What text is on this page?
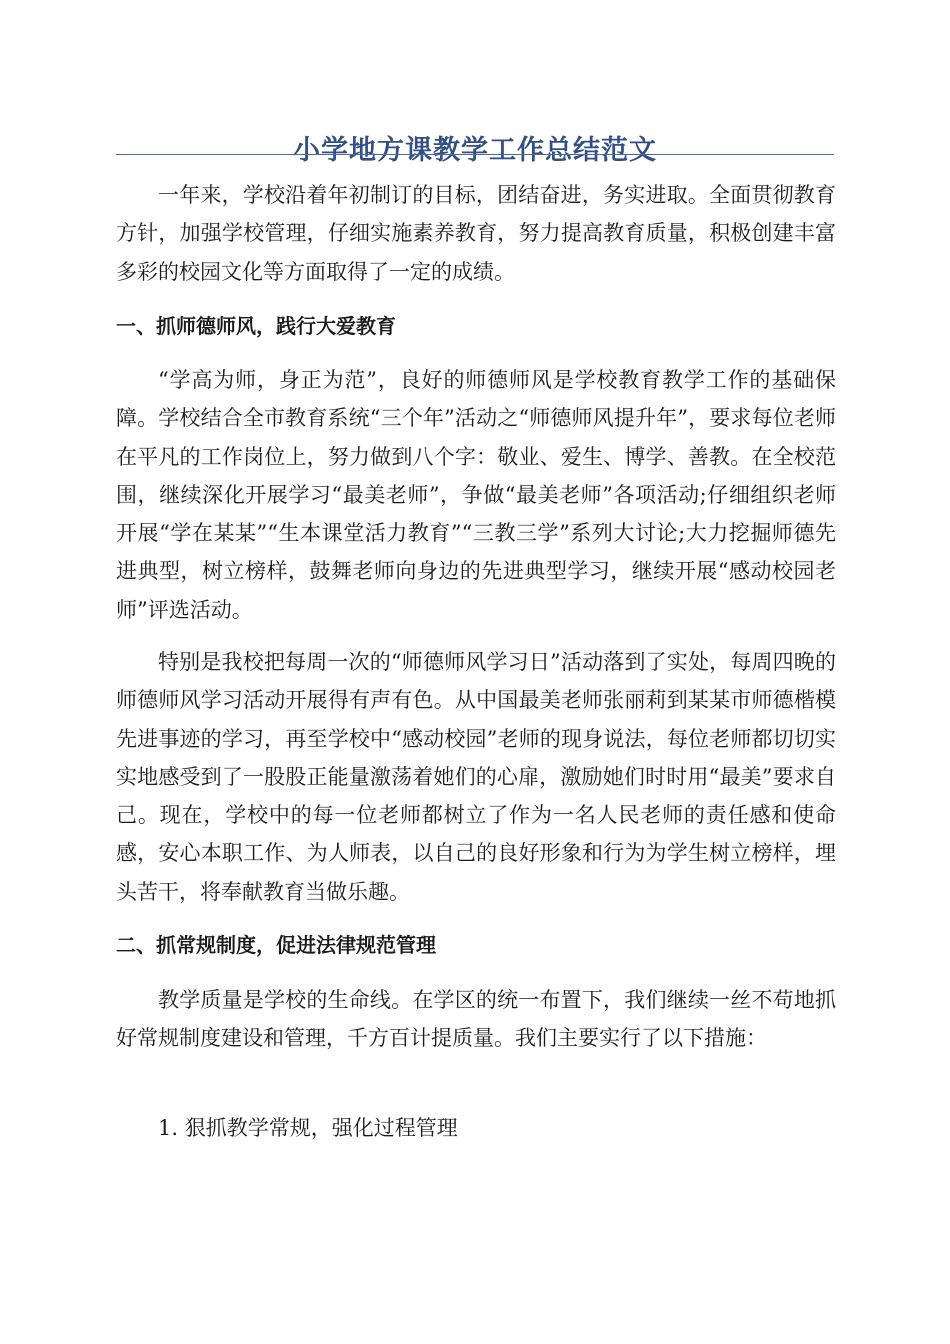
小学地方课教学工作总结范文

一年来，学校沿着年初制订的目标，团结奋进，务实进取。全面贯彻教育方针，加强学校管理，仔细实施素养教育，努力提高教育质量，积极创建丰富多彩的校园文化等方面取得了一定的成绩。

一、抓师德师风，践行大爱教育

“学高为师，身正为范”，良好的师德师风是学校教育教学工作的基础保障。学校结合全市教育系统“三个年”活动之“师德师风提升年”，要求每位老师在平凡的工作岗位上，努力做到八个字：敬业、爱生、博学、善教。在全校范围，继续深化开展学习“最美老师”，争做“最美老师”各项活动;仔细组织老师开展“学在某某”“生本课堂活力教育”“三教三学”系列大讨论;大力挖掘师德先进典型，树立榜样，鼓舞老师向身边的先进典型学习，继续开展“感动校园老师”评选活动。

特别是我校把每周一次的“师德师风学习日”活动落到了实处，每周四晚的师德师风学习活动开展得有声有色。从中国最美老师张丽莉到某某市师德楷模先进事迹的学习，再至学校中“感动校园”老师的现身说法，每位老师都切切实实地感受到了一股股正能量激荡着她们的心扉，激励她们时时用“最美”要求自己。现在，学校中的每一位老师都树立了作为一名人民老师的责任感和使命感，安心本职工作、为人师表，以自己的良好形象和行为为学生树立榜样，埋头苦干，将奉献教育当做乐趣。

二、抓常规制度，促进法律规范管理

教学质量是学校的生命线。在学区的统一布置下，我们继续一丝不苟地抓好常规制度建设和管理，千方百计提质量。我们主要实行了以下措施：

1. 狠抓教学常规，强化过程管理
